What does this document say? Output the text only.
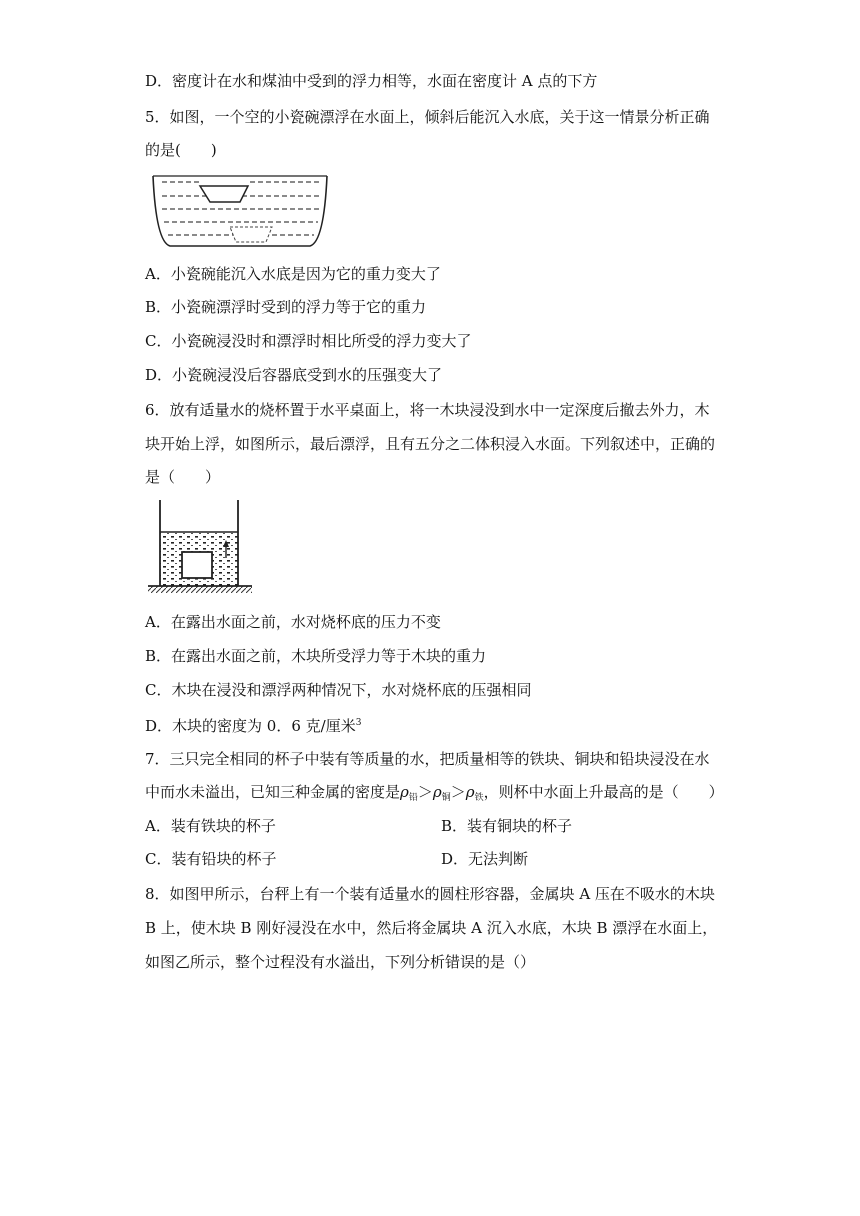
D．密度计在水和煤油中受到的浮力相等，水面在密度计 A 点的下方
5．如图，一个空的小瓷碗漂浮在水面上，倾斜后能沉入水底，关于这一情景分析正确
的是(　　)
A．小瓷碗能沉入水底是因为它的重力变大了
B．小瓷碗漂浮时受到的浮力等于它的重力
C．小瓷碗浸没时和漂浮时相比所受的浮力变大了
D．小瓷碗浸没后容器底受到水的压强变大了
6．放有适量水的烧杯置于水平桌面上，将一木块浸没到水中一定深度后撤去外力，木
块开始上浮，如图所示，最后漂浮，且有五分之二体积浸入水面。下列叙述中，正确的
是（　　）
A．在露出水面之前，水对烧杯底的压力不变
B．在露出水面之前，木块所受浮力等于木块的重力
C．木块在浸没和漂浮两种情况下，水对烧杯底的压强相同
D．木块的密度为 0．6 克/厘米$^3$
7．三只完全相同的杯子中装有等质量的水，把质量相等的铁块、铜块和铅块浸没在水
中而水未溢出，已知三种金属的密度是$\rho_铅>\rho_铜>\rho_铁$，则杯中水面上升最高的是（　　）
A．装有铁块的杯子	B．装有铜块的杯子
C．装有铅块的杯子	D．无法判断
8．如图甲所示，台秤上有一个装有适量水的圆柱形容器，金属块 A 压在不吸水的木块
B 上，使木块 B 刚好浸没在水中，然后将金属块 A 沉入水底，木块 B 漂浮在水面上，
如图乙所示，整个过程没有水溢出，下列分析错误的是（）
